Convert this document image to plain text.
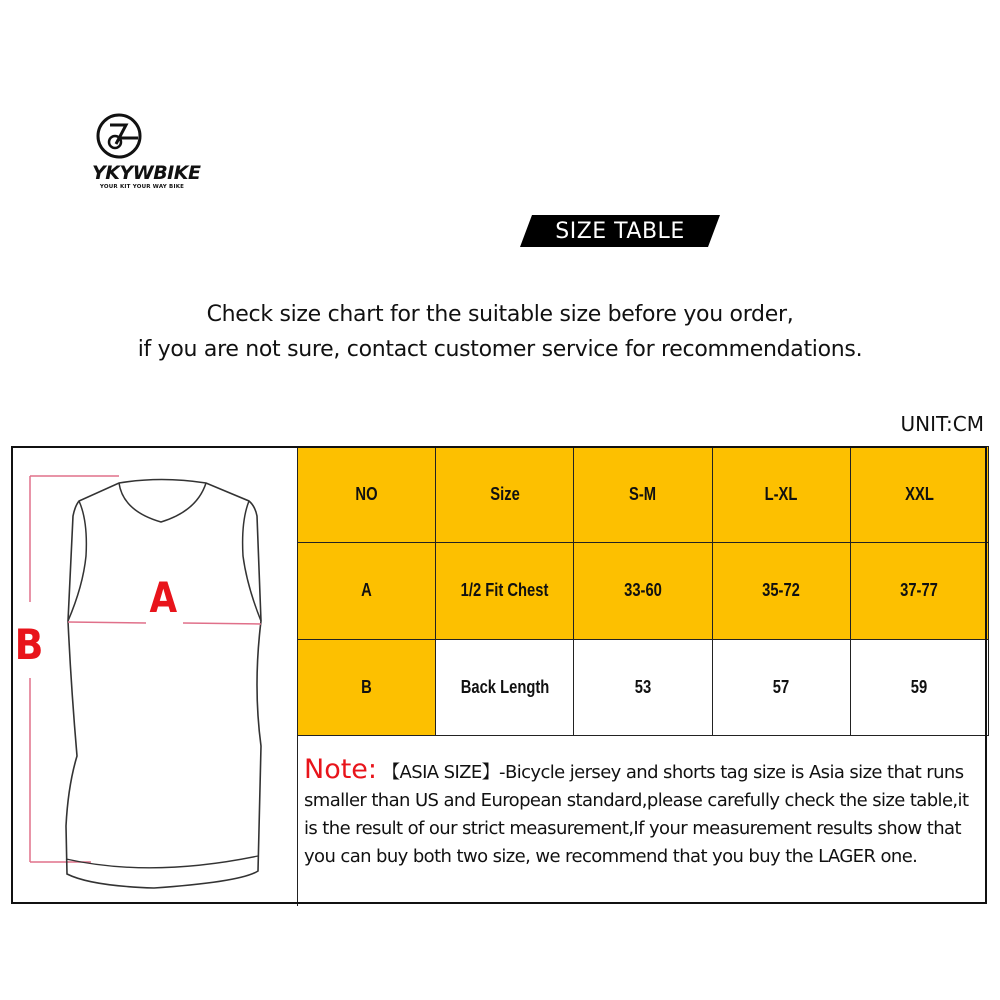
YKYWBIKE
YOUR KIT YOUR WAY BIKE
SIZE TABLE
Check size chart for the suitable size before you order,
if you are not sure, contact customer service for recommendations.
UNIT:CM
A
B
NO	Size	S-M	L-XL	XXL
A	1/2 Fit Chest	33-60	35-72	37-77
B	Back Length	53	57	59

Note: 【ASIA SIZE】-Bicycle jersey and shorts tag size is Asia size that runs smaller than US and European standard,please carefully check the size table,it is the result of our strict measurement,If your measurement results show that you can buy both two size, we recommend that you buy the LAGER one.
